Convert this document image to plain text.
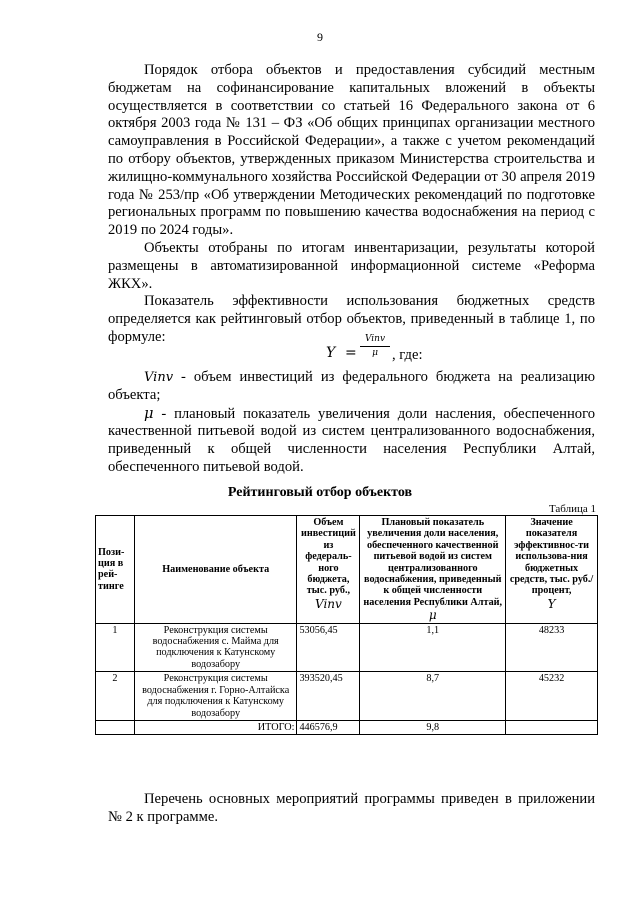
9

Порядок отбора объектов и предоставления субсидий местным бюджетам на софинансирование капитальных вложений в объекты осуществляется в соответствии со статьей 16 Федерального закона от 6 октября 2003 года № 131 – ФЗ «Об общих принципах организации местного самоуправления в Российской Федерации», а также с учетом рекомендаций по отбору объектов, утвержденных приказом Министерства строительства и жилищно-коммунального хозяйства Российской Федерации от 30 апреля 2019 года № 253/пр «Об утверждении Методических рекомендаций по подготовке региональных программ по повышению качества водоснабжения на период с 2019 по 2024 годы».

Объекты отобраны по итогам инвентаризации, результаты которой размещены в автоматизированной информационной системе «Реформа ЖКХ».

Показатель эффективности использования бюджетных средств определяется как рейтинговый отбор объектов, приведенный в таблице 1, по формуле:

Y =
Vinv
μ , где:

Vinv - объем инвестиций из федерального бюджета на реализацию объекта;

μ - плановый показатель увеличения доли насления, обеспеченного качественной питьевой водой из систем централизованного водоснабжения, приведенный к общей численности населения Республики Алтай, обеспеченного питьевой водой.

Рейтинговый отбор объектов
Таблица 1
Пози-ция в рей-тинге	Наименование объекта	Объем инвестиций из федераль-ного бюджета, тыс. руб.,
Vinv	Плановый показатель увеличения доли населения, обеспеченного качественной питьевой водой из систем централизованного водоснабжения, приведенный к общей численности населения Республики Алтай,
μ	Значение показателя эффективнос-ти использова-ния бюджетных средств, тыс. руб./ процент,
Y

1	Реконструкция системы водоснабжения с. Майма для подключения к Катунскому водозабору	53056,45	1,1	48233
2	Реконструкция системы водоснабжения г. Горно-Алтайска для подключения к Катунскому водозабору	393520,45	8,7	45232
	ИТОГО:	446576,9	9,8	

Перечень основных мероприятий программы приведен в приложении № 2 к программе.
